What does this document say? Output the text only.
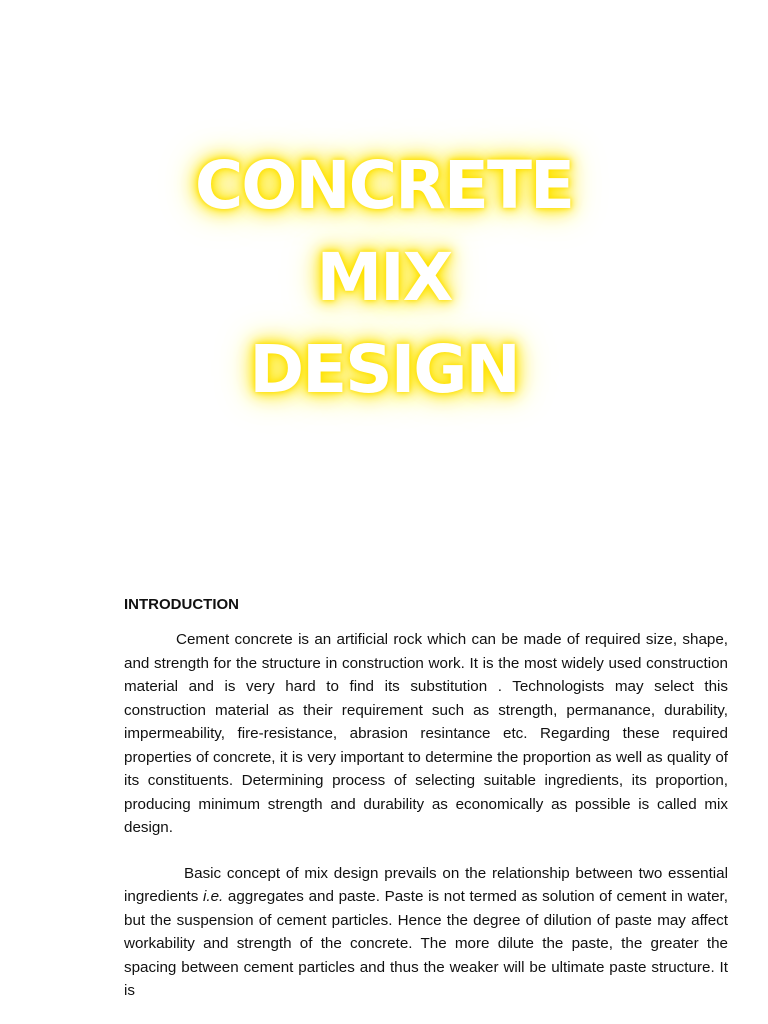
CONCRETE
MIX
DESIGN
INTRODUCTION

Cement concrete is an artificial rock which can be made of required size, shape, and strength for the structure in construction work. It is the most widely used construction material and is very hard to find its substitution . Technologists may select this construction material as their requirement such as strength, permanance, durability, impermeability, fire-resistance, abrasion resintance etc. Regarding these required properties of concrete, it is very important to determine the proportion as well as quality of its constituents. Determining process of selecting suitable ingredients, its proportion, producing minimum strength and durability as economically as possible is called mix design.

Basic concept of mix design prevails on the relationship between two essential ingredients i.e. aggregates and paste. Paste is not termed as solution of cement in water, but the suspension of cement particles. Hence the degree of dilution of paste may affect workability and strength of the concrete. The more dilute the paste, the greater the spacing between cement particles and thus the weaker will be ultimate paste structure. It is
